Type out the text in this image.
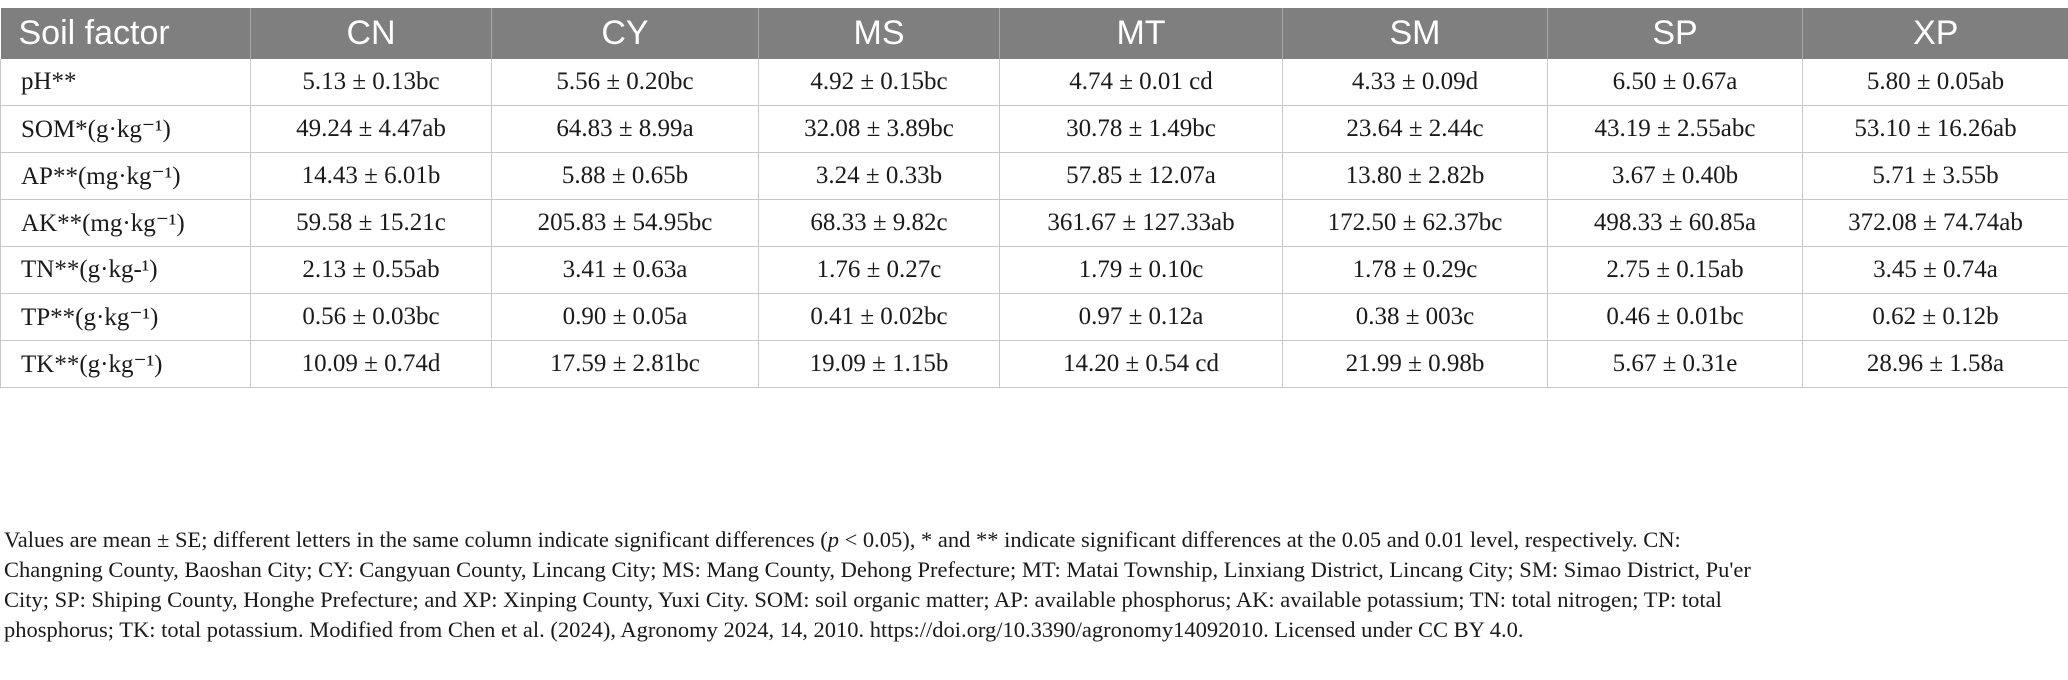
Soil factor	CN	CY	MS	MT	SM	SP	XP
pH**	5.13 ± 0.13bc	5.56 ± 0.20bc	4.92 ± 0.15bc	4.74 ± 0.01 cd	4.33 ± 0.09d	6.50 ± 0.67a	5.80 ± 0.05ab
SOM*(g·kg⁻¹)	49.24 ± 4.47ab	64.83 ± 8.99a	32.08 ± 3.89bc	30.78 ± 1.49bc	23.64 ± 2.44c	43.19 ± 2.55abc	53.10 ± 16.26ab
AP**(mg·kg⁻¹)	14.43 ± 6.01b	5.88 ± 0.65b	3.24 ± 0.33b	57.85 ± 12.07a	13.80 ± 2.82b	3.67 ± 0.40b	5.71 ± 3.55b
AK**(mg·kg⁻¹)	59.58 ± 15.21c	205.83 ± 54.95bc	68.33 ± 9.82c	361.67 ± 127.33ab	172.50 ± 62.37bc	498.33 ± 60.85a	372.08 ± 74.74ab
TN**(g·kg-¹)	2.13 ± 0.55ab	3.41 ± 0.63a	1.76 ± 0.27c	1.79 ± 0.10c	1.78 ± 0.29c	2.75 ± 0.15ab	3.45 ± 0.74a
TP**(g·kg⁻¹)	0.56 ± 0.03bc	0.90 ± 0.05a	0.41 ± 0.02bc	0.97 ± 0.12a	0.38 ± 003c	0.46 ± 0.01bc	0.62 ± 0.12b
TK**(g·kg⁻¹)	10.09 ± 0.74d	17.59 ± 2.81bc	19.09 ± 1.15b	14.20 ± 0.54 cd	21.99 ± 0.98b	5.67 ± 0.31e	28.96 ± 1.58a
Values are mean ± SE; different letters in the same column indicate significant differences (p < 0.05), * and ** indicate significant differences at the 0.05 and 0.01 level, respectively. CN:
Changning County, Baoshan City; CY: Cangyuan County, Lincang City; MS: Mang County, Dehong Prefecture; MT: Matai Township, Linxiang District, Lincang City; SM: Simao District, Pu'er
City; SP: Shiping County, Honghe Prefecture; and XP: Xinping County, Yuxi City. SOM: soil organic matter; AP: available phosphorus; AK: available potassium; TN: total nitrogen; TP: total
phosphorus; TK: total potassium. Modified from Chen et al. (2024), Agronomy 2024, 14, 2010. https://doi.org/10.3390/agronomy14092010. Licensed under CC BY 4.0.
